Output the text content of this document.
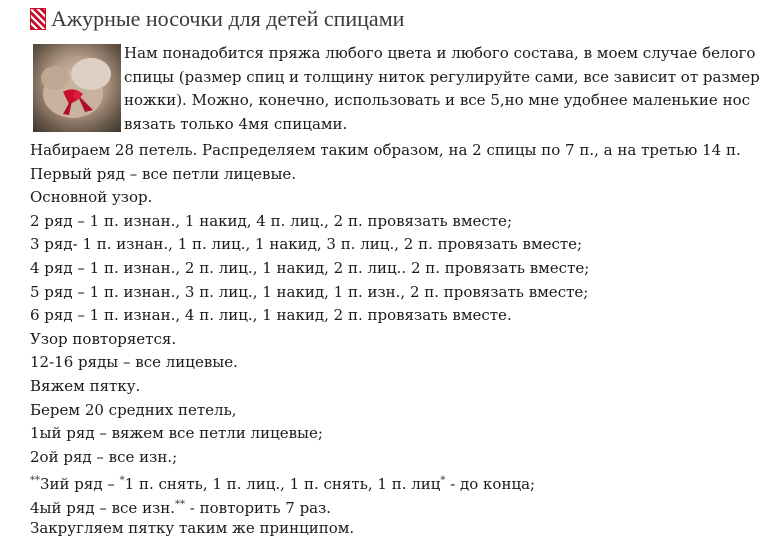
Ажурные носочки для детей спицами
Нам понадобится пряжа любого цвета и любого состава, в моем случае белого
спицы (размер спиц и толщину ниток регулируйте сами, все зависит от размер
ножки). Можно, конечно, использовать и все 5,но мне удобнее маленькие нос
вязать только 4мя спицами.
Набираем 28 петель. Распределяем таким образом, на 2 спицы по 7 п., а на третью 14 п.
Первый ряд – все петли лицевые.
Основной узор.
2 ряд – 1 п. изнан., 1 накид, 4 п. лиц., 2 п. провязать вместе;
3 ряд- 1 п. изнан., 1 п. лиц., 1 накид, 3 п. лиц., 2 п. провязать вместе;
4 ряд – 1 п. изнан., 2 п. лиц., 1 накид, 2 п. лиц.. 2 п. провязать вместе;
5 ряд – 1 п. изнан., 3 п. лиц., 1 накид, 1 п. изн., 2 п. провязать вместе;
6 ряд – 1 п. изнан., 4 п. лиц., 1 накид, 2 п. провязать вместе.
Узор повторяется.
12-16 ряды – все лицевые.
Вяжем пятку.
Берем 20 средних петель,
1ый ряд – вяжем все петли лицевые;
2ой ряд – все изн.;
**3ий ряд – *1 п. снять, 1 п. лиц., 1 п. снять, 1 п. лиц* - до конца;
4ый ряд – все изн.** - повторить 7 раз.
Закругляем пятку таким же принципом.
